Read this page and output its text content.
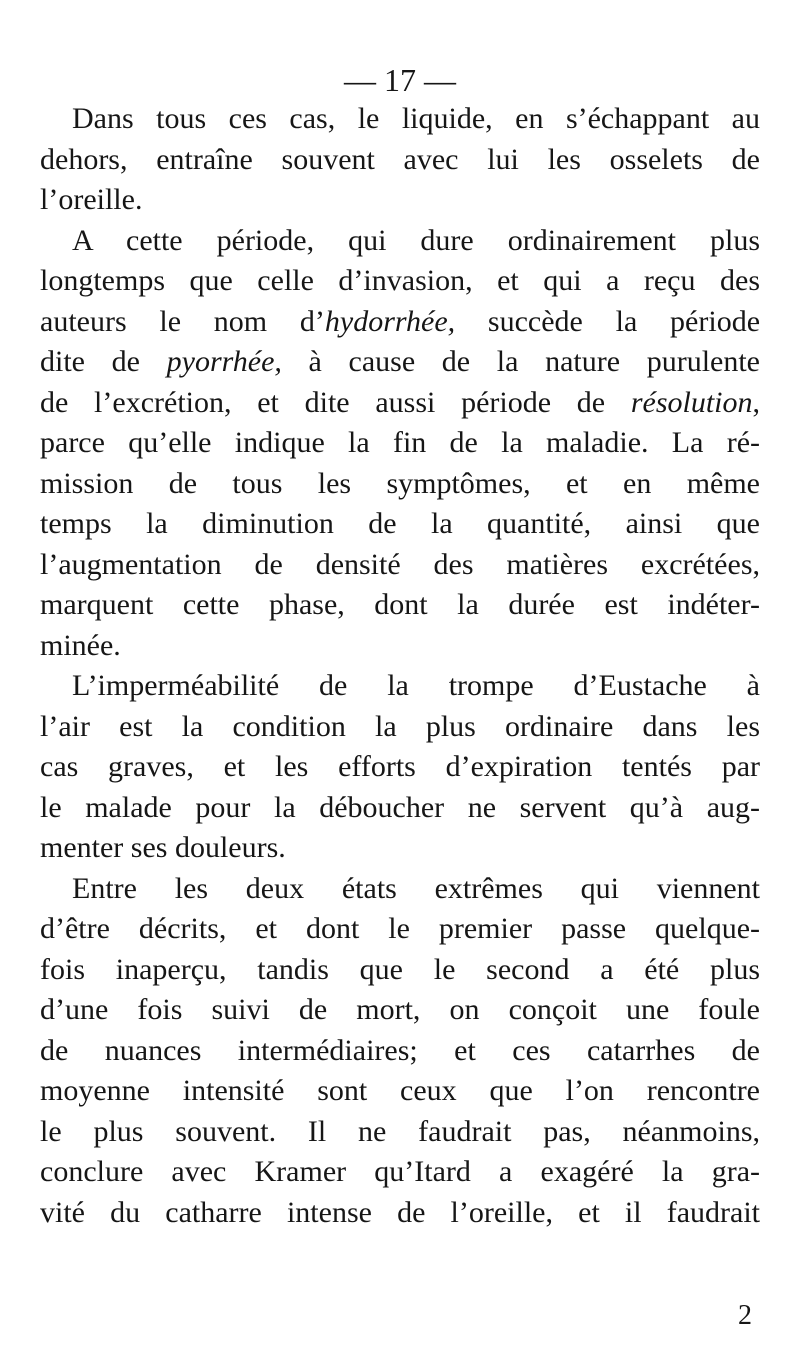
— 17 —
Dans tous ces cas, le liquide, en s’échappant au
dehors, entraîne souvent avec lui les osselets de
l’oreille.
A cette période, qui dure ordinairement plus
longtemps que celle d’invasion, et qui a reçu des
auteurs le nom d’hydorrhée, succède la période
dite de pyorrhée, à cause de la nature purulente
de l’excrétion, et dite aussi période de résolution,
parce qu’elle indique la fin de la maladie. La ré-
mission de tous les symptômes, et en même
temps la diminution de la quantité, ainsi que
l’augmentation de densité des matières excrétées,
marquent cette phase, dont la durée est indéter-
minée.
L’imperméabilité de la trompe d’Eustache à
l’air est la condition la plus ordinaire dans les
cas graves, et les efforts d’expiration tentés par
le malade pour la déboucher ne servent qu’à aug-
menter ses douleurs.
Entre les deux états extrêmes qui viennent
d’être décrits, et dont le premier passe quelque-
fois inaperçu, tandis que le second a été plus
d’une fois suivi de mort, on conçoit une foule
de nuances intermédiaires; et ces catarrhes de
moyenne intensité sont ceux que l’on rencontre
le plus souvent. Il ne faudrait pas, néanmoins,
conclure avec Kramer qu’Itard a exagéré la gra-
vité du catharre intense de l’oreille, et il faudrait
2
